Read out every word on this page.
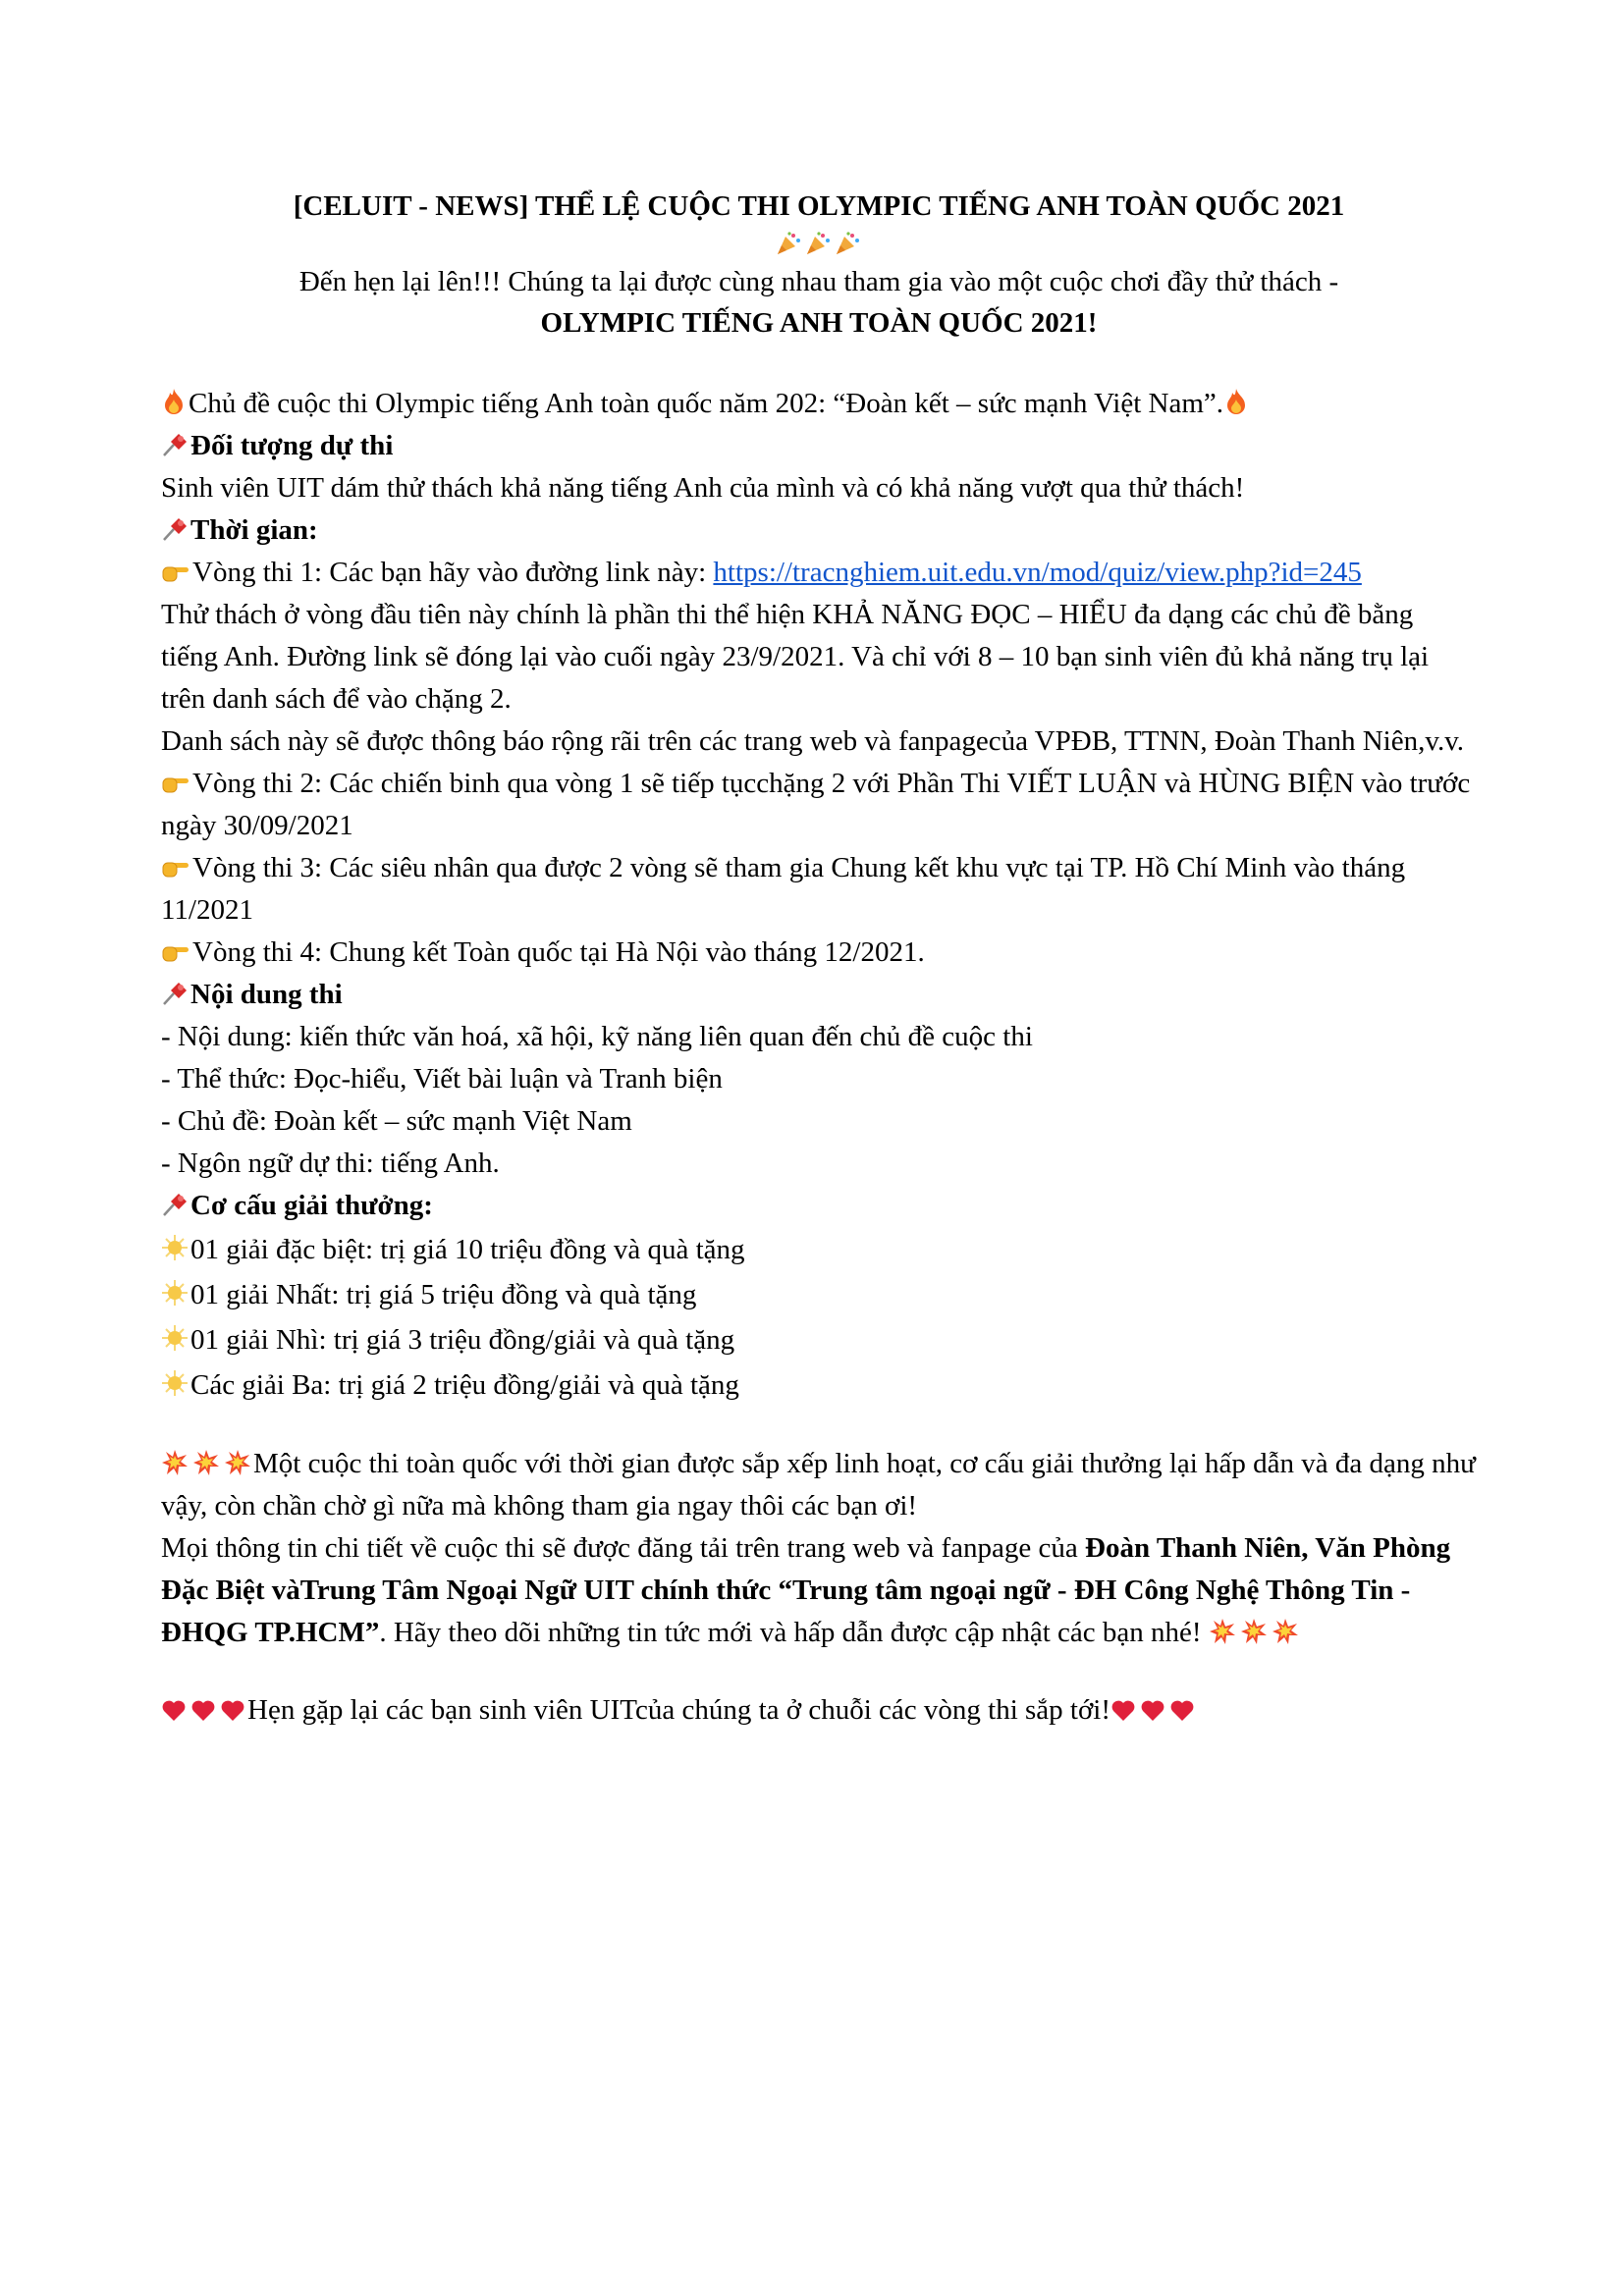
[CELUIT - NEWS] THỂ LỆ CUỘC THI OLYMPIC TIẾNG ANH TOÀN QUỐC 2021
Đến hẹn lại lên!!! Chúng ta lại được cùng nhau tham gia vào một cuộc chơi đầy thử thách -
OLYMPIC TIẾNG ANH TOÀN QUỐC 2021!

Chủ đề cuộc thi Olympic tiếng Anh toàn quốc năm 202: “Đoàn kết – sức mạnh Việt Nam”.

Đối tượng dự thi

Sinh viên UIT dám thử thách khả năng tiếng Anh của mình và có khả năng vượt qua thử thách!

Thời gian:

Vòng thi 1: Các bạn hãy vào đường link này: https://tracnghiem.uit.edu.vn/mod/quiz/view.php?id=245

Thử thách ở vòng đầu tiên này chính là phần thi thể hiện KHẢ NĂNG ĐỌC – HIỂU đa dạng các chủ đề bằng tiếng Anh. Đường link sẽ đóng lại vào cuối ngày 23/9/2021. Và chỉ với 8 – 10 bạn sinh viên đủ khả năng trụ lại trên danh sách để vào chặng 2.

Danh sách này sẽ được thông báo rộng rãi trên các trang web và fanpagecủa VPĐB, TTNN, Đoàn Thanh Niên,v.v.

Vòng thi 2: Các chiến binh qua vòng 1 sẽ tiếp tụcchặng 2 với Phần Thi VIẾT LUẬN và HÙNG BIỆN vào trước ngày 30/09/2021

Vòng thi 3: Các siêu nhân qua được 2 vòng sẽ tham gia Chung kết khu vực tại TP. Hồ Chí Minh vào tháng 11/2021

Vòng thi 4: Chung kết Toàn quốc tại Hà Nội vào tháng 12/2021.

Nội dung thi

- Nội dung: kiến thức văn hoá, xã hội, kỹ năng liên quan đến chủ đề cuộc thi

- Thể thức: Đọc-hiểu, Viết bài luận và Tranh biện

- Chủ đề: Đoàn kết – sức mạnh Việt Nam

- Ngôn ngữ dự thi: tiếng Anh.

Cơ cấu giải thưởng:

01 giải đặc biệt: trị giá 10 triệu đồng và quà tặng

01 giải Nhất: trị giá 5 triệu đồng và quà tặng

01 giải Nhì: trị giá 3 triệu đồng/giải và quà tặng

Các giải Ba: trị giá 2 triệu đồng/giải và quà tặng

Một cuộc thi toàn quốc với thời gian được sắp xếp linh hoạt, cơ cấu giải thưởng lại hấp dẫn và đa dạng như vậy, còn chần chờ gì nữa mà không tham gia ngay thôi các bạn ơi!

Mọi thông tin chi tiết về cuộc thi sẽ được đăng tải trên trang web và fanpage của Đoàn Thanh Niên, Văn Phòng Đặc Biệt vàTrung Tâm Ngoại Ngữ UIT chính thức “Trung tâm ngoại ngữ - ĐH Công Nghệ Thông Tin - ĐHQG TP.HCM”. Hãy theo dõi những tin tức mới và hấp dẫn được cập nhật các bạn nhé!

Hẹn gặp lại các bạn sinh viên UITcủa chúng ta ở chuỗi các vòng thi sắp tới!
